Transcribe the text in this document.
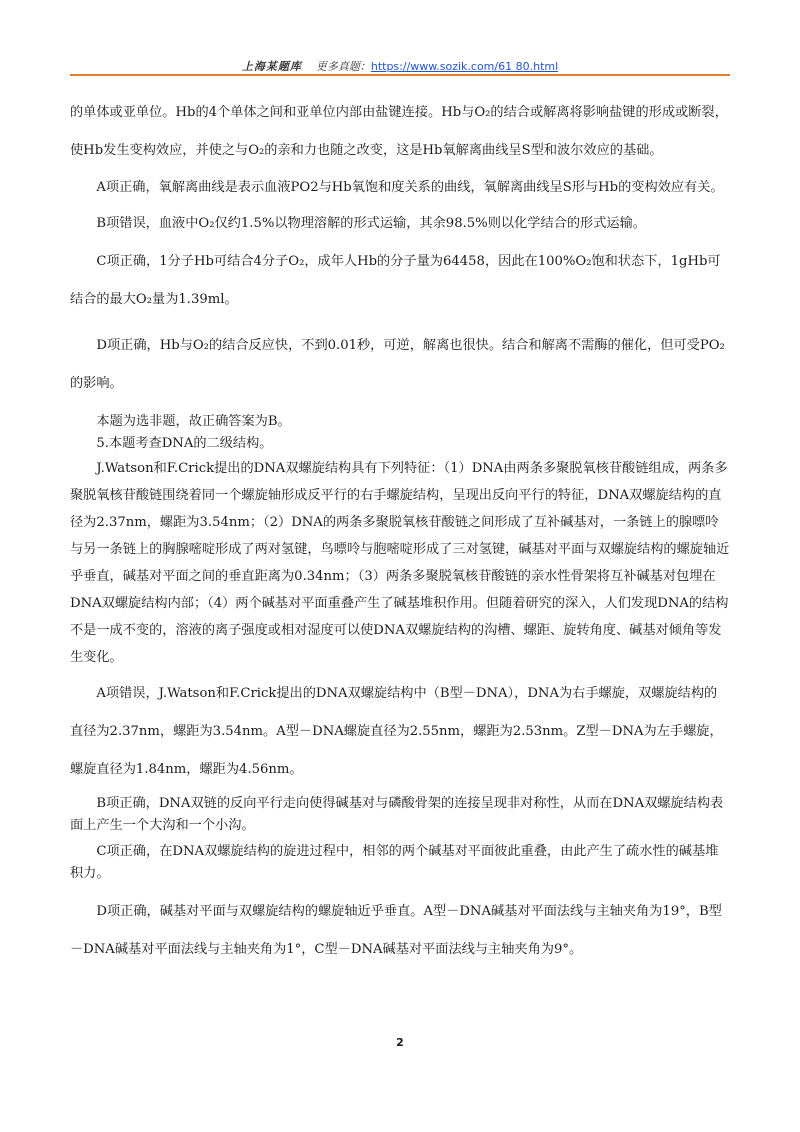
上海某题库 更多真题：https://www.sozik.com/61 80.html

的单体或亚单位。Hb的4个单体之间和亚单位内部由盐键连接。Hb与O₂的结合或解离将影响盐键的形成或断裂，使Hb发生变构效应，并使之与O₂的亲和力也随之改变，这是Hb氧解离曲线呈S型和波尔效应的基础。

A项正确，氧解离曲线是表示血液PO2与Hb氧饱和度关系的曲线，氧解离曲线呈S形与Hb的变构效应有关。

B项错误，血液中O₂仅约1.5%以物理溶解的形式运输，其余98.5%则以化学结合的形式运输。

C项正确，1分子Hb可结合4分子O₂，成年人Hb的分子量为64458，因此在100%O₂饱和状态下，1gHb可结合的最大O₂量为1.39ml。

D项正确，Hb与O₂的结合反应快，不到0.01秒，可逆，解离也很快。结合和解离不需酶的催化，但可受PO₂的影响。

本题为选非题，故正确答案为B。

5.本题考查DNA的二级结构。

J.Watson和F.Crick提出的DNA双螺旋结构具有下列特征：（1）DNA由两条多聚脱氧核苷酸链组成，两条多聚脱氧核苷酸链围绕着同一个螺旋轴形成反平行的右手螺旋结构，呈现出反向平行的特征，DNA双螺旋结构的直径为2.37nm，螺距为3.54nm；（2）DNA的两条多聚脱氧核苷酸链之间形成了互补碱基对，一条链上的腺嘌呤与另一条链上的胸腺嘧啶形成了两对氢键，鸟嘌呤与胞嘧啶形成了三对氢键，碱基对平面与双螺旋结构的螺旋轴近乎垂直，碱基对平面之间的垂直距离为0.34nm；（3）两条多聚脱氧核苷酸链的亲水性骨架将互补碱基对包埋在DNA双螺旋结构内部；（4）两个碱基对平面重叠产生了碱基堆积作用。但随着研究的深入，人们发现DNA的结构不是一成不变的，溶液的离子强度或相对湿度可以使DNA双螺旋结构的沟槽、螺距、旋转角度、碱基对倾角等发生变化。

A项错误，J.Watson和F.Crick提出的DNA双螺旋结构中（B型－DNA），DNA为右手螺旋，双螺旋结构的直径为2.37nm，螺距为3.54nm。A型－DNA螺旋直径为2.55nm，螺距为2.53nm。Z型－DNA为左手螺旋，螺旋直径为1.84nm，螺距为4.56nm。

B项正确，DNA双链的反向平行走向使得碱基对与磷酸骨架的连接呈现非对称性，从而在DNA双螺旋结构表面上产生一个大沟和一个小沟。

C项正确，在DNA双螺旋结构的旋进过程中，相邻的两个碱基对平面彼此重叠，由此产生了疏水性的碱基堆积力。

D项正确，碱基对平面与双螺旋结构的螺旋轴近乎垂直。A型－DNA碱基对平面法线与主轴夹角为19°，B型－DNA碱基对平面法线与主轴夹角为1°，C型－DNA碱基对平面法线与主轴夹角为9°。

2
